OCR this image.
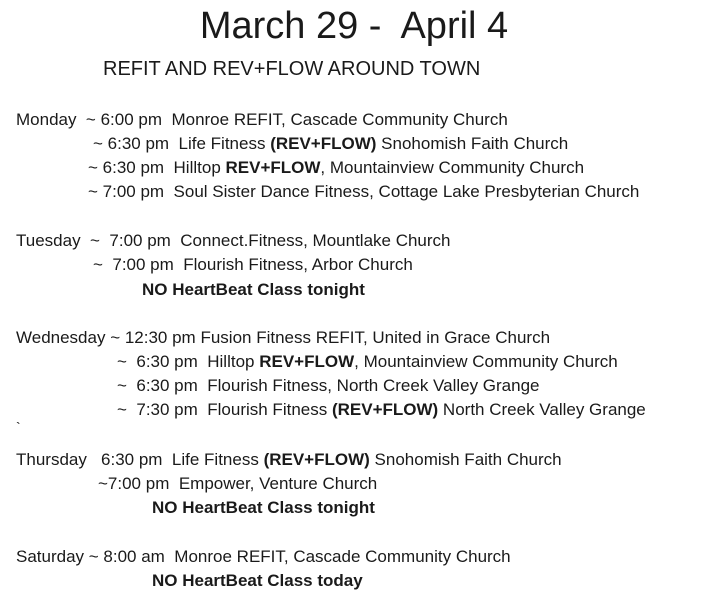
March 29 -  April 4
REFIT AND REV+FLOW AROUND TOWN
Monday  ~ 6:00 pm  Monroe REFIT, Cascade Community Church
~ 6:30 pm  Life Fitness (REV+FLOW) Snohomish Faith Church
~ 6:30 pm  Hilltop REV+FLOW, Mountainview Community Church
~ 7:00 pm  Soul Sister Dance Fitness, Cottage Lake Presbyterian Church
Tuesday  ~  7:00 pm  Connect.Fitness, Mountlake Church
~  7:00 pm  Flourish Fitness, Arbor Church
NO HeartBeat Class tonight
Wednesday ~ 12:30 pm Fusion Fitness REFIT, United in Grace Church
~  6:30 pm  Hilltop REV+FLOW, Mountainview Community Church
~  6:30 pm  Flourish Fitness, North Creek Valley Grange
~  7:30 pm  Flourish Fitness (REV+FLOW) North Creek Valley Grange
`
Thursday   6:30 pm  Life Fitness (REV+FLOW) Snohomish Faith Church
~7:00 pm  Empower, Venture Church
NO HeartBeat Class tonight
Saturday ~ 8:00 am  Monroe REFIT, Cascade Community Church
NO HeartBeat Class today
